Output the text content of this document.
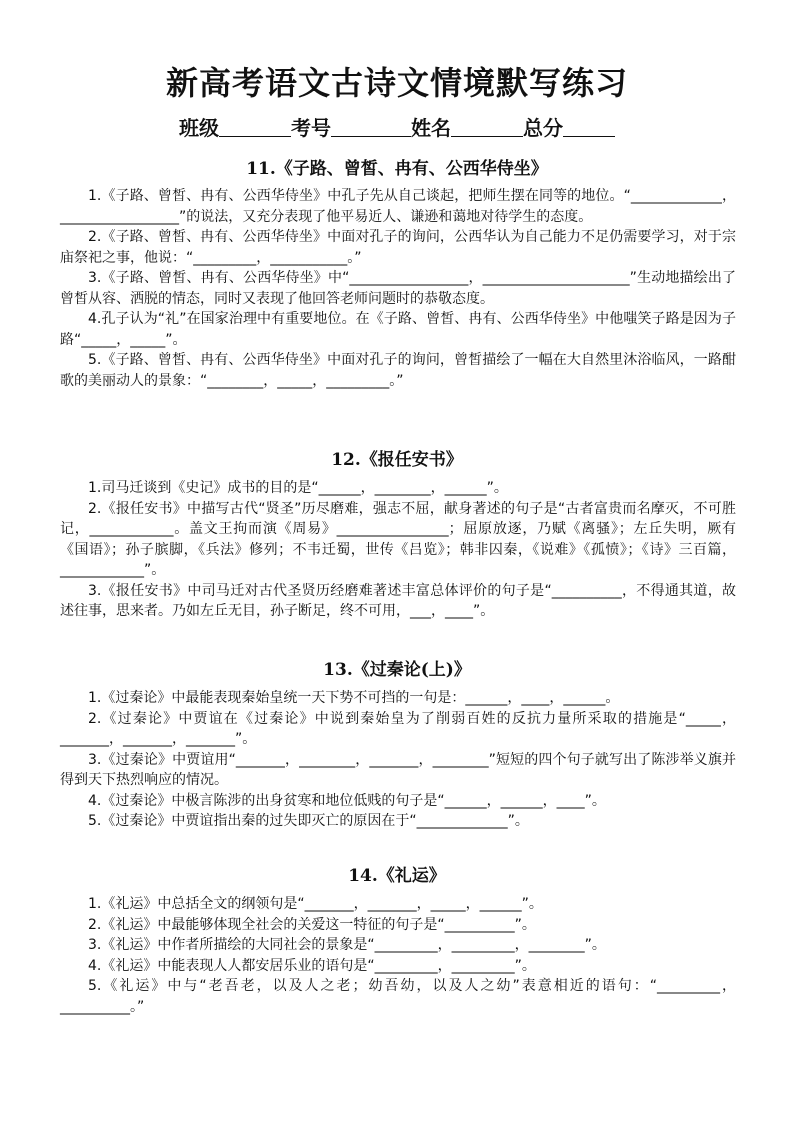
新高考语文古诗文情境默写练习
班级	考号	姓名	总分
11.《子路、曾皙、冉有、公西华侍坐》

1.《子路、曾皙、冉有、公西华侍坐》中孔子先从自己谈起，把师生摆在同等的地位。“_____________，_________________”的说法，又充分表现了他平易近人、谦逊和蔼地对待学生的态度。

2.《子路、曾皙、冉有、公西华侍坐》中面对孔子的询问，公西华认为自己能力不足仍需要学习，对于宗庙祭祀之事，他说：“_________，___________。”

3.《子路、曾皙、冉有、公西华侍坐》中“_________________，_____________________”生动地描绘出了曾皙从容、洒脱的情态，同时又表现了他回答老师问题时的恭敬态度。

4.孔子认为“礼”在国家治理中有重要地位。在《子路、曾皙、冉有、公西华侍坐》中他嗤笑子路是因为子路“_____，_____”。

5.《子路、曾皙、冉有、公西华侍坐》中面对孔子的询问，曾皙描绘了一幅在大自然里沐浴临风，一路酣歌的美丽动人的景象：“________，_____，_________。”

12.《报任安书》

1.司马迁谈到《史记》成书的目的是“______，________，______”。

2.《报任安书》中描写古代“贤圣”历尽磨难，强志不屈，献身著述的句子是“古者富贵而名摩灭，不可胜记，____________。盖文王拘而演《周易》________________；屈原放逐，乃赋《离骚》；左丘失明，厥有《国语》；孙子膑脚，《兵法》修列；不韦迁蜀，世传《吕览》；韩非囚秦，《说难》《孤愤》；《诗》三百篇，____________”。

3.《报任安书》中司马迁对古代圣贤历经磨难著述丰富总体评价的句子是“__________，不得通其道，故述往事，思来者。乃如左丘无目，孙子断足，终不可用，___，____”。

13.《过秦论(上)》

1.《过秦论》中最能表现秦始皇统一天下势不可挡的一句是：______，____，______。

2.《过秦论》中贾谊在《过秦论》中说到秦始皇为了削弱百姓的反抗力量所采取的措施是“_____，_______，_______，_______”。

3.《过秦论》中贾谊用“_______，________，_______，________”短短的四个句子就写出了陈涉举义旗并得到天下热烈响应的情况。

4.《过秦论》中极言陈涉的出身贫寒和地位低贱的句子是“______，______，____”。

5.《过秦论》中贾谊指出秦的过失即灭亡的原因在于“_____________”。

14.《礼运》

1.《礼运》中总括全文的纲领句是“_______，_______，_____，______”。

2.《礼运》中最能够体现全社会的关爱这一特征的句子是“__________”。

3.《礼运》中作者所描绘的大同社会的景象是“_________，_________，________”。

4.《礼运》中能表现人人都安居乐业的语句是“_________，_________”。

5.《礼运》中与“老吾老，以及人之老；幼吾幼，以及人之幼”表意相近的语句：“_________，__________。”
